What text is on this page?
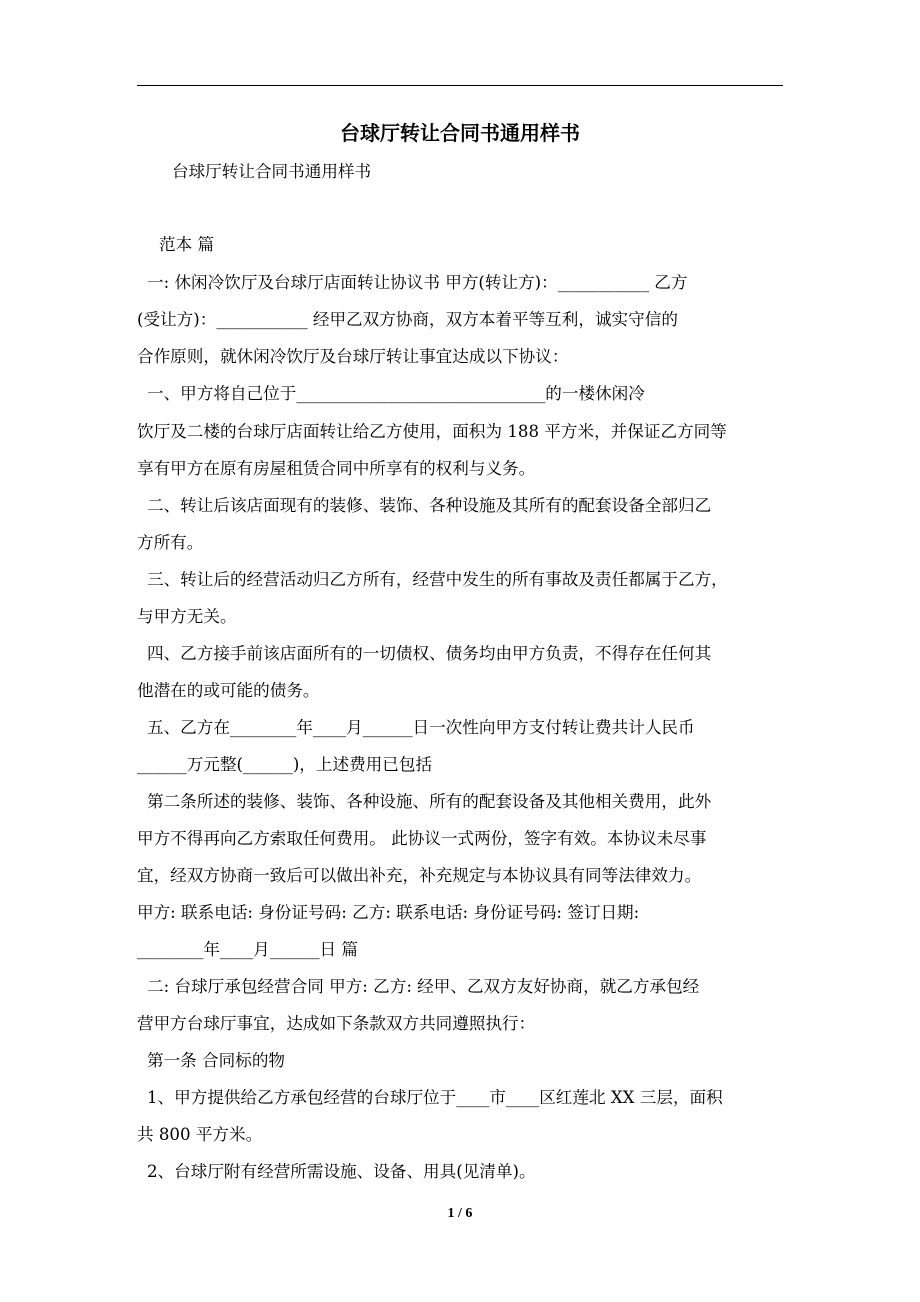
台球厅转让合同书通用样书
台球厅转让合同书通用样书
范本 篇
一: 休闲冷饮厅及台球厅店面转让协议书 甲方(转让方)：___________ 乙方
(受让方)：___________ 经甲乙双方协商，双方本着平等互利，诚实守信的
合作原则，就休闲冷饮厅及台球厅转让事宜达成以下协议：
一、甲方将自己位于______________________________的一楼休闲冷
饮厅及二楼的台球厅店面转让给乙方使用，面积为 188 平方米，并保证乙方同等
享有甲方在原有房屋租赁合同中所享有的权利与义务。
二、转让后该店面现有的装修、装饰、各种设施及其所有的配套设备全部归乙
方所有。
三、转让后的经营活动归乙方所有，经营中发生的所有事故及责任都属于乙方，
与甲方无关。
四、乙方接手前该店面所有的一切债权、债务均由甲方负责，不得存在任何其
他潜在的或可能的债务。
五、乙方在________年____月______日一次性向甲方支付转让费共计人民币
______万元整(______)，上述费用已包括
第二条所述的装修、装饰、各种设施、所有的配套设备及其他相关费用，此外
甲方不得再向乙方索取任何费用。 此协议一式两份，签字有效。本协议未尽事
宜，经双方协商一致后可以做出补充，补充规定与本协议具有同等法律效力。
甲方: 联系电话: 身份证号码: 乙方: 联系电话: 身份证号码: 签订日期:
________年____月______日 篇
二: 台球厅承包经营合同 甲方: 乙方: 经甲、乙双方友好协商，就乙方承包经
营甲方台球厅事宜，达成如下条款双方共同遵照执行：
第一条 合同标的物
1、甲方提供给乙方承包经营的台球厅位于____市____区红莲北 XX 三层，面积
共 800 平方米。
2、台球厅附有经营所需设施、设备、用具(见清单)。
1 / 6
